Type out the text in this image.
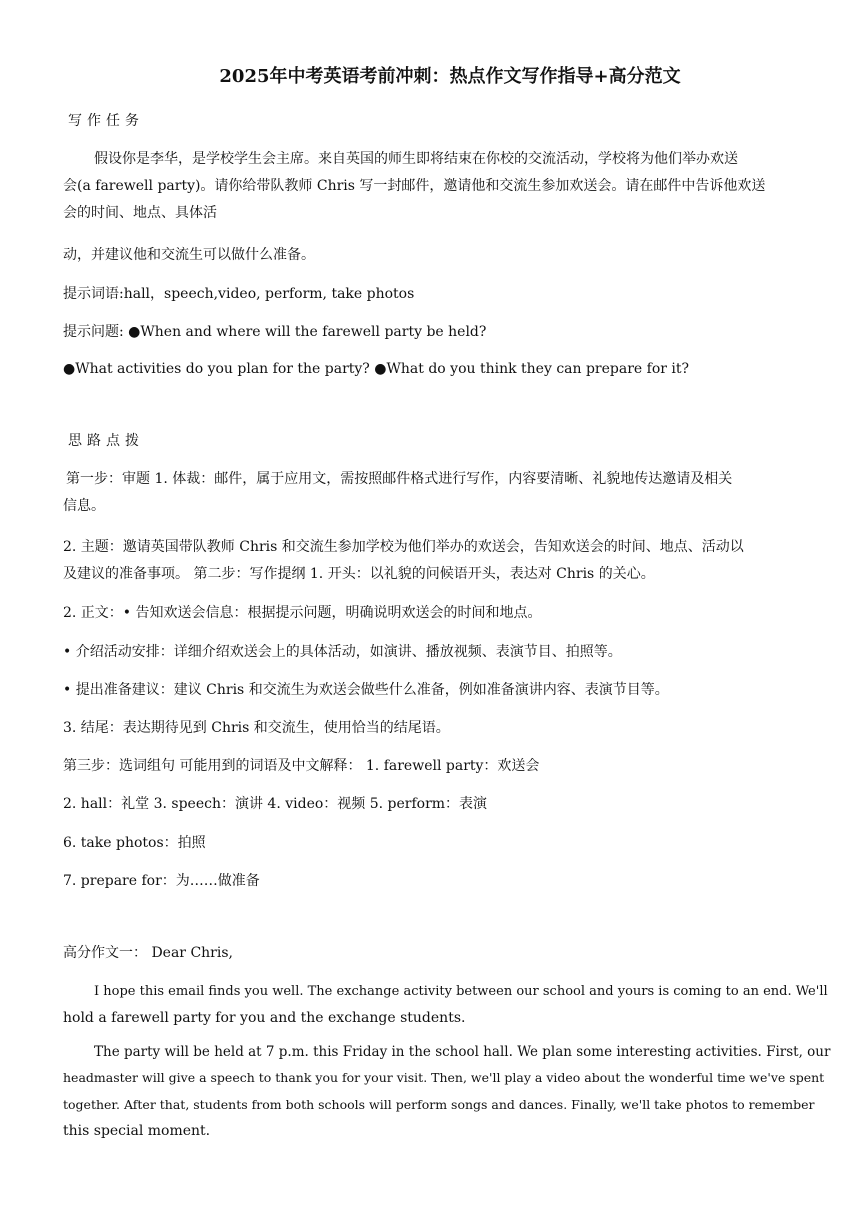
2025年中考英语考前冲刺：热点作文写作指导+高分范文
写作任务
假设你是李华，是学校学生会主席。来自英国的师生即将结束在你校的交流活动，学校将为他们举办欢送
会(a farewell party)。请你给带队教师 Chris 写一封邮件，邀请他和交流生参加欢送会。请在邮件中告诉他欢送
会的时间、地点、具体活
动，并建议他和交流生可以做什么准备。
提示词语:hall，speech,video, perform, take photos
提示问题: ●When and where will the farewell party be held?
●What activities do you plan for the party? ●What do you think they can prepare for it?
思路点拨
第一步：审题 1. 体裁：邮件，属于应用文，需按照邮件格式进行写作，内容要清晰、礼貌地传达邀请及相关
信息。
2. 主题：邀请英国带队教师 Chris 和交流生参加学校为他们举办的欢送会，告知欢送会的时间、地点、活动以
及建议的准备事项。 第二步：写作提纲 1. 开头：以礼貌的问候语开头，表达对 Chris 的关心。
2. 正文：• 告知欢送会信息：根据提示问题，明确说明欢送会的时间和地点。
• 介绍活动安排：详细介绍欢送会上的具体活动，如演讲、播放视频、表演节目、拍照等。
• 提出准备建议：建议 Chris 和交流生为欢送会做些什么准备，例如准备演讲内容、表演节目等。
3. 结尾：表达期待见到 Chris 和交流生，使用恰当的结尾语。
第三步：选词组句 可能用到的词语及中文解释： 1. farewell party：欢送会
2. hall：礼堂 3. speech：演讲 4. video：视频 5. perform：表演
6. take photos：拍照
7. prepare for：为……做准备
高分作文一： Dear Chris,
I hope this email finds you well. The exchange activity between our school and yours is coming to an end. We'll
hold a farewell party for you and the exchange students.
The party will be held at 7 p.m. this Friday in the school hall. We plan some interesting activities. First, our
headmaster will give a speech to thank you for your visit. Then, we'll play a video about the wonderful time we've spent
together. After that, students from both schools will perform songs and dances. Finally, we'll take photos to remember
this special moment.
